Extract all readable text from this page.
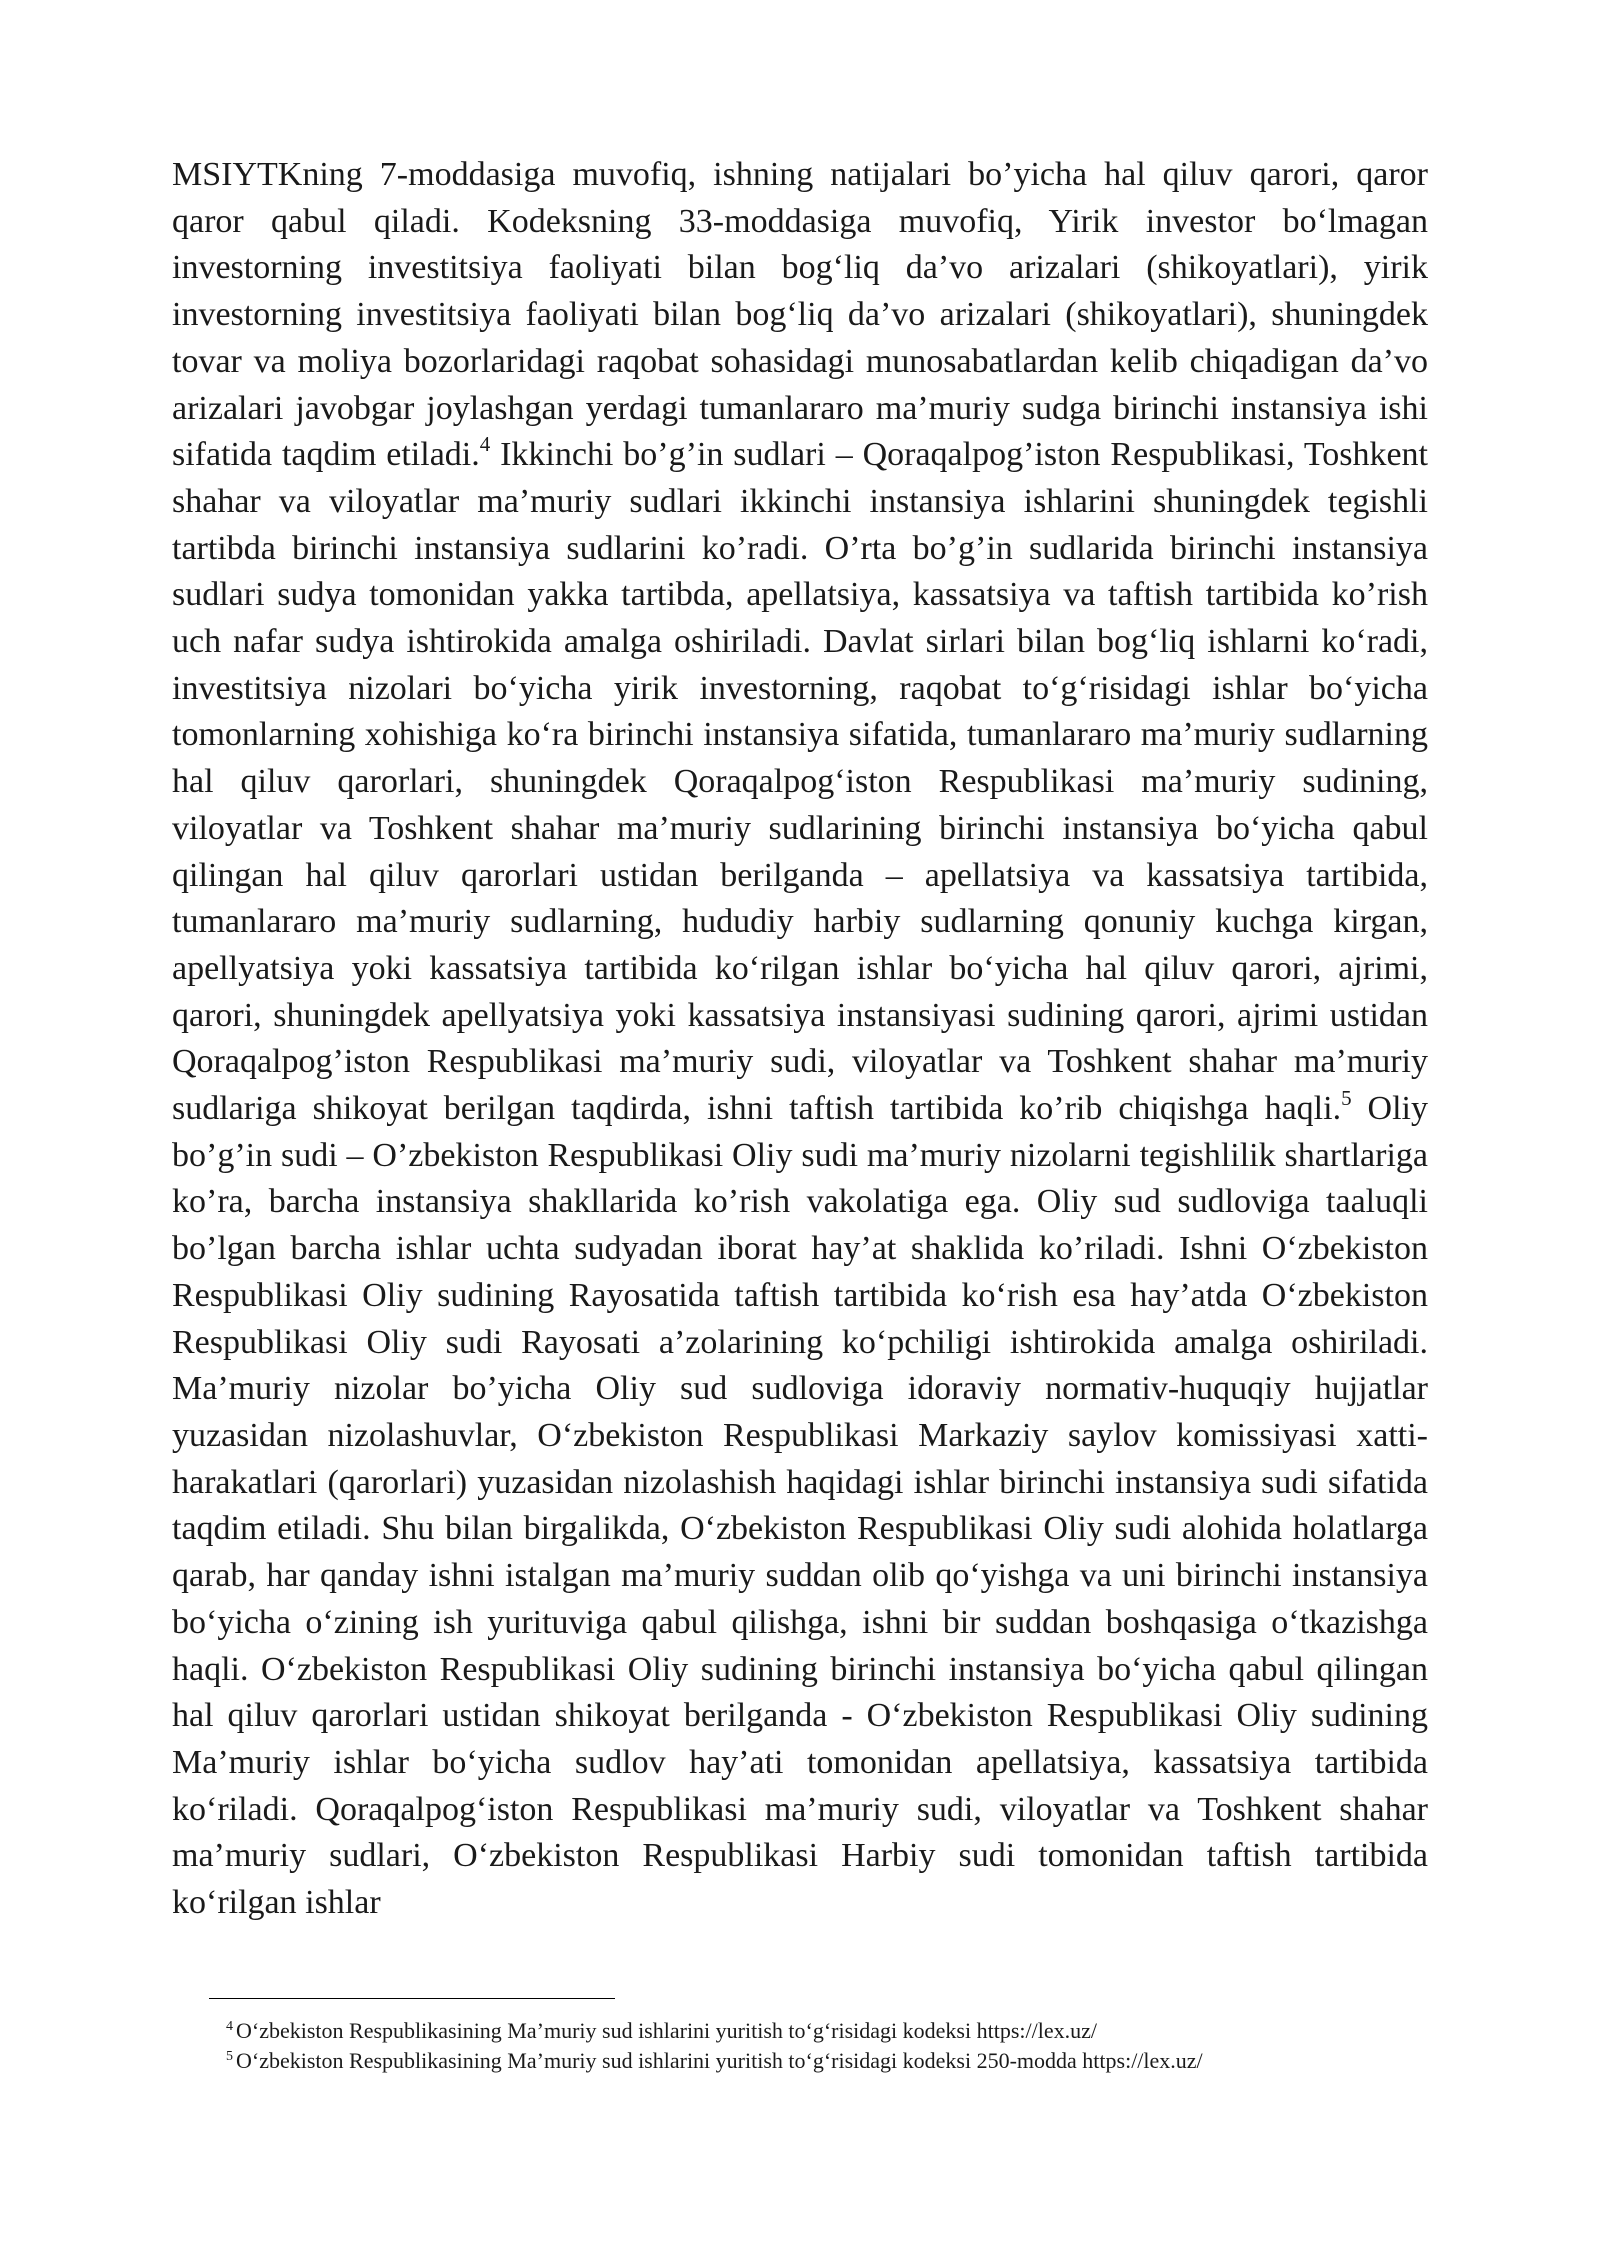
MSIYTKning 7-moddasiga muvofiq, ishning natijalari bo’yicha hal qiluv qarori, qaror qaror qabul qiladi. Kodeksning 33-moddasiga muvofiq, Yirik investor bo‘lmagan investorning investitsiya faoliyati bilan bog‘liq da’vo arizalari (shikoyatlari), yirik investorning investitsiya faoliyati bilan bog‘liq da’vo arizalari (shikoyatlari), shuningdek tovar va moliya bozorlaridagi raqobat sohasidagi munosabatlardan kelib chiqadigan da’vo arizalari javobgar joylashgan yerdagi tumanlararo ma’muriy sudga birinchi instansiya ishi sifatida taqdim etiladi.$^4$ Ikkinchi bo’g’in sudlari – Qoraqalpog’iston Respublikasi, Toshkent shahar va viloyatlar ma’muriy sudlari ikkinchi instansiya ishlarini shuningdek tegishli tartibda birinchi instansiya sudlarini ko’radi. O’rta bo’g’in sudlarida birinchi instansiya sudlari sudya tomonidan yakka tartibda, apellatsiya, kassatsiya va taftish tartibida ko’rish uch nafar sudya ishtirokida amalga oshiriladi. Davlat sirlari bilan bog‘liq ishlarni ko‘radi, investitsiya nizolari bo‘yicha yirik investorning, raqobat to‘g‘risidagi ishlar bo‘yicha tomonlarning xohishiga ko‘ra birinchi instansiya sifatida, tumanlararo ma’muriy sudlarning hal qiluv qarorlari, shuningdek Qoraqalpog‘iston Respublikasi ma’muriy sudining, viloyatlar va Toshkent shahar ma’muriy sudlarining birinchi instansiya bo‘yicha qabul qilingan hal qiluv qarorlari ustidan berilganda – apellatsiya va kassatsiya tartibida, tumanlararo ma’muriy sudlarning, hududiy harbiy sudlarning qonuniy kuchga kirgan, apellyatsiya yoki kassatsiya tartibida ko‘rilgan ishlar bo‘yicha hal qiluv qarori, ajrimi, qarori, shuningdek apellyatsiya yoki kassatsiya instansiyasi sudining qarori, ajrimi ustidan Qoraqalpog’iston Respublikasi ma’muriy sudi, viloyatlar va Toshkent shahar ma’muriy sudlariga shikoyat berilgan taqdirda, ishni taftish tartibida ko’rib chiqishga haqli.$^5$ Oliy bo’g’in sudi – O’zbekiston Respublikasi Oliy sudi ma’muriy nizolarni tegishlilik shartlariga ko’ra, barcha instansiya shakllarida ko’rish vakolatiga ega. Oliy sud sudloviga taaluqli bo’lgan barcha ishlar uchta sudyadan iborat hay’at shaklida ko’riladi. Ishni O‘zbekiston Respublikasi Oliy sudining Rayosatida taftish tartibida ko‘rish esa hay’atda O‘zbekiston Respublikasi Oliy sudi Rayosati a’zolarining ko‘pchiligi ishtirokida amalga oshiriladi. Ma’muriy nizolar bo’yicha Oliy sud sudloviga idoraviy normativ-huquqiy hujjatlar yuzasidan nizolashuvlar, O‘zbekiston Respublikasi Markaziy saylov komissiyasi xatti-harakatlari (qarorlari) yuzasidan nizolashish haqidagi ishlar birinchi instansiya sudi sifatida taqdim etiladi. Shu bilan birgalikda, O‘zbekiston Respublikasi Oliy sudi alohida holatlarga qarab, har qanday ishni istalgan ma’muriy suddan olib qo‘yishga va uni birinchi instansiya bo‘yicha o‘zining ish yurituviga qabul qilishga, ishni bir suddan boshqasiga o‘tkazishga haqli. O‘zbekiston Respublikasi Oliy sudining birinchi instansiya bo‘yicha qabul qilingan hal qiluv qarorlari ustidan shikoyat berilganda - O‘zbekiston Respublikasi Oliy sudining Ma’muriy ishlar bo‘yicha sudlov hay’ati tomonidan apellatsiya, kassatsiya tartibida ko‘riladi. Qoraqalpog‘iston Respublikasi ma’muriy sudi, viloyatlar va Toshkent shahar ma’muriy sudlari, O‘zbekiston Respublikasi Harbiy sudi tomonidan taftish tartibida ko‘rilgan ishlar

$^4$ O‘zbekiston Respublikasining Ma’muriy sud ishlarini yuritish to‘g‘risidagi kodeksi https://lex.uz/

$^5$ O‘zbekiston Respublikasining Ma’muriy sud ishlarini yuritish to‘g‘risidagi kodeksi 250-modda https://lex.uz/
